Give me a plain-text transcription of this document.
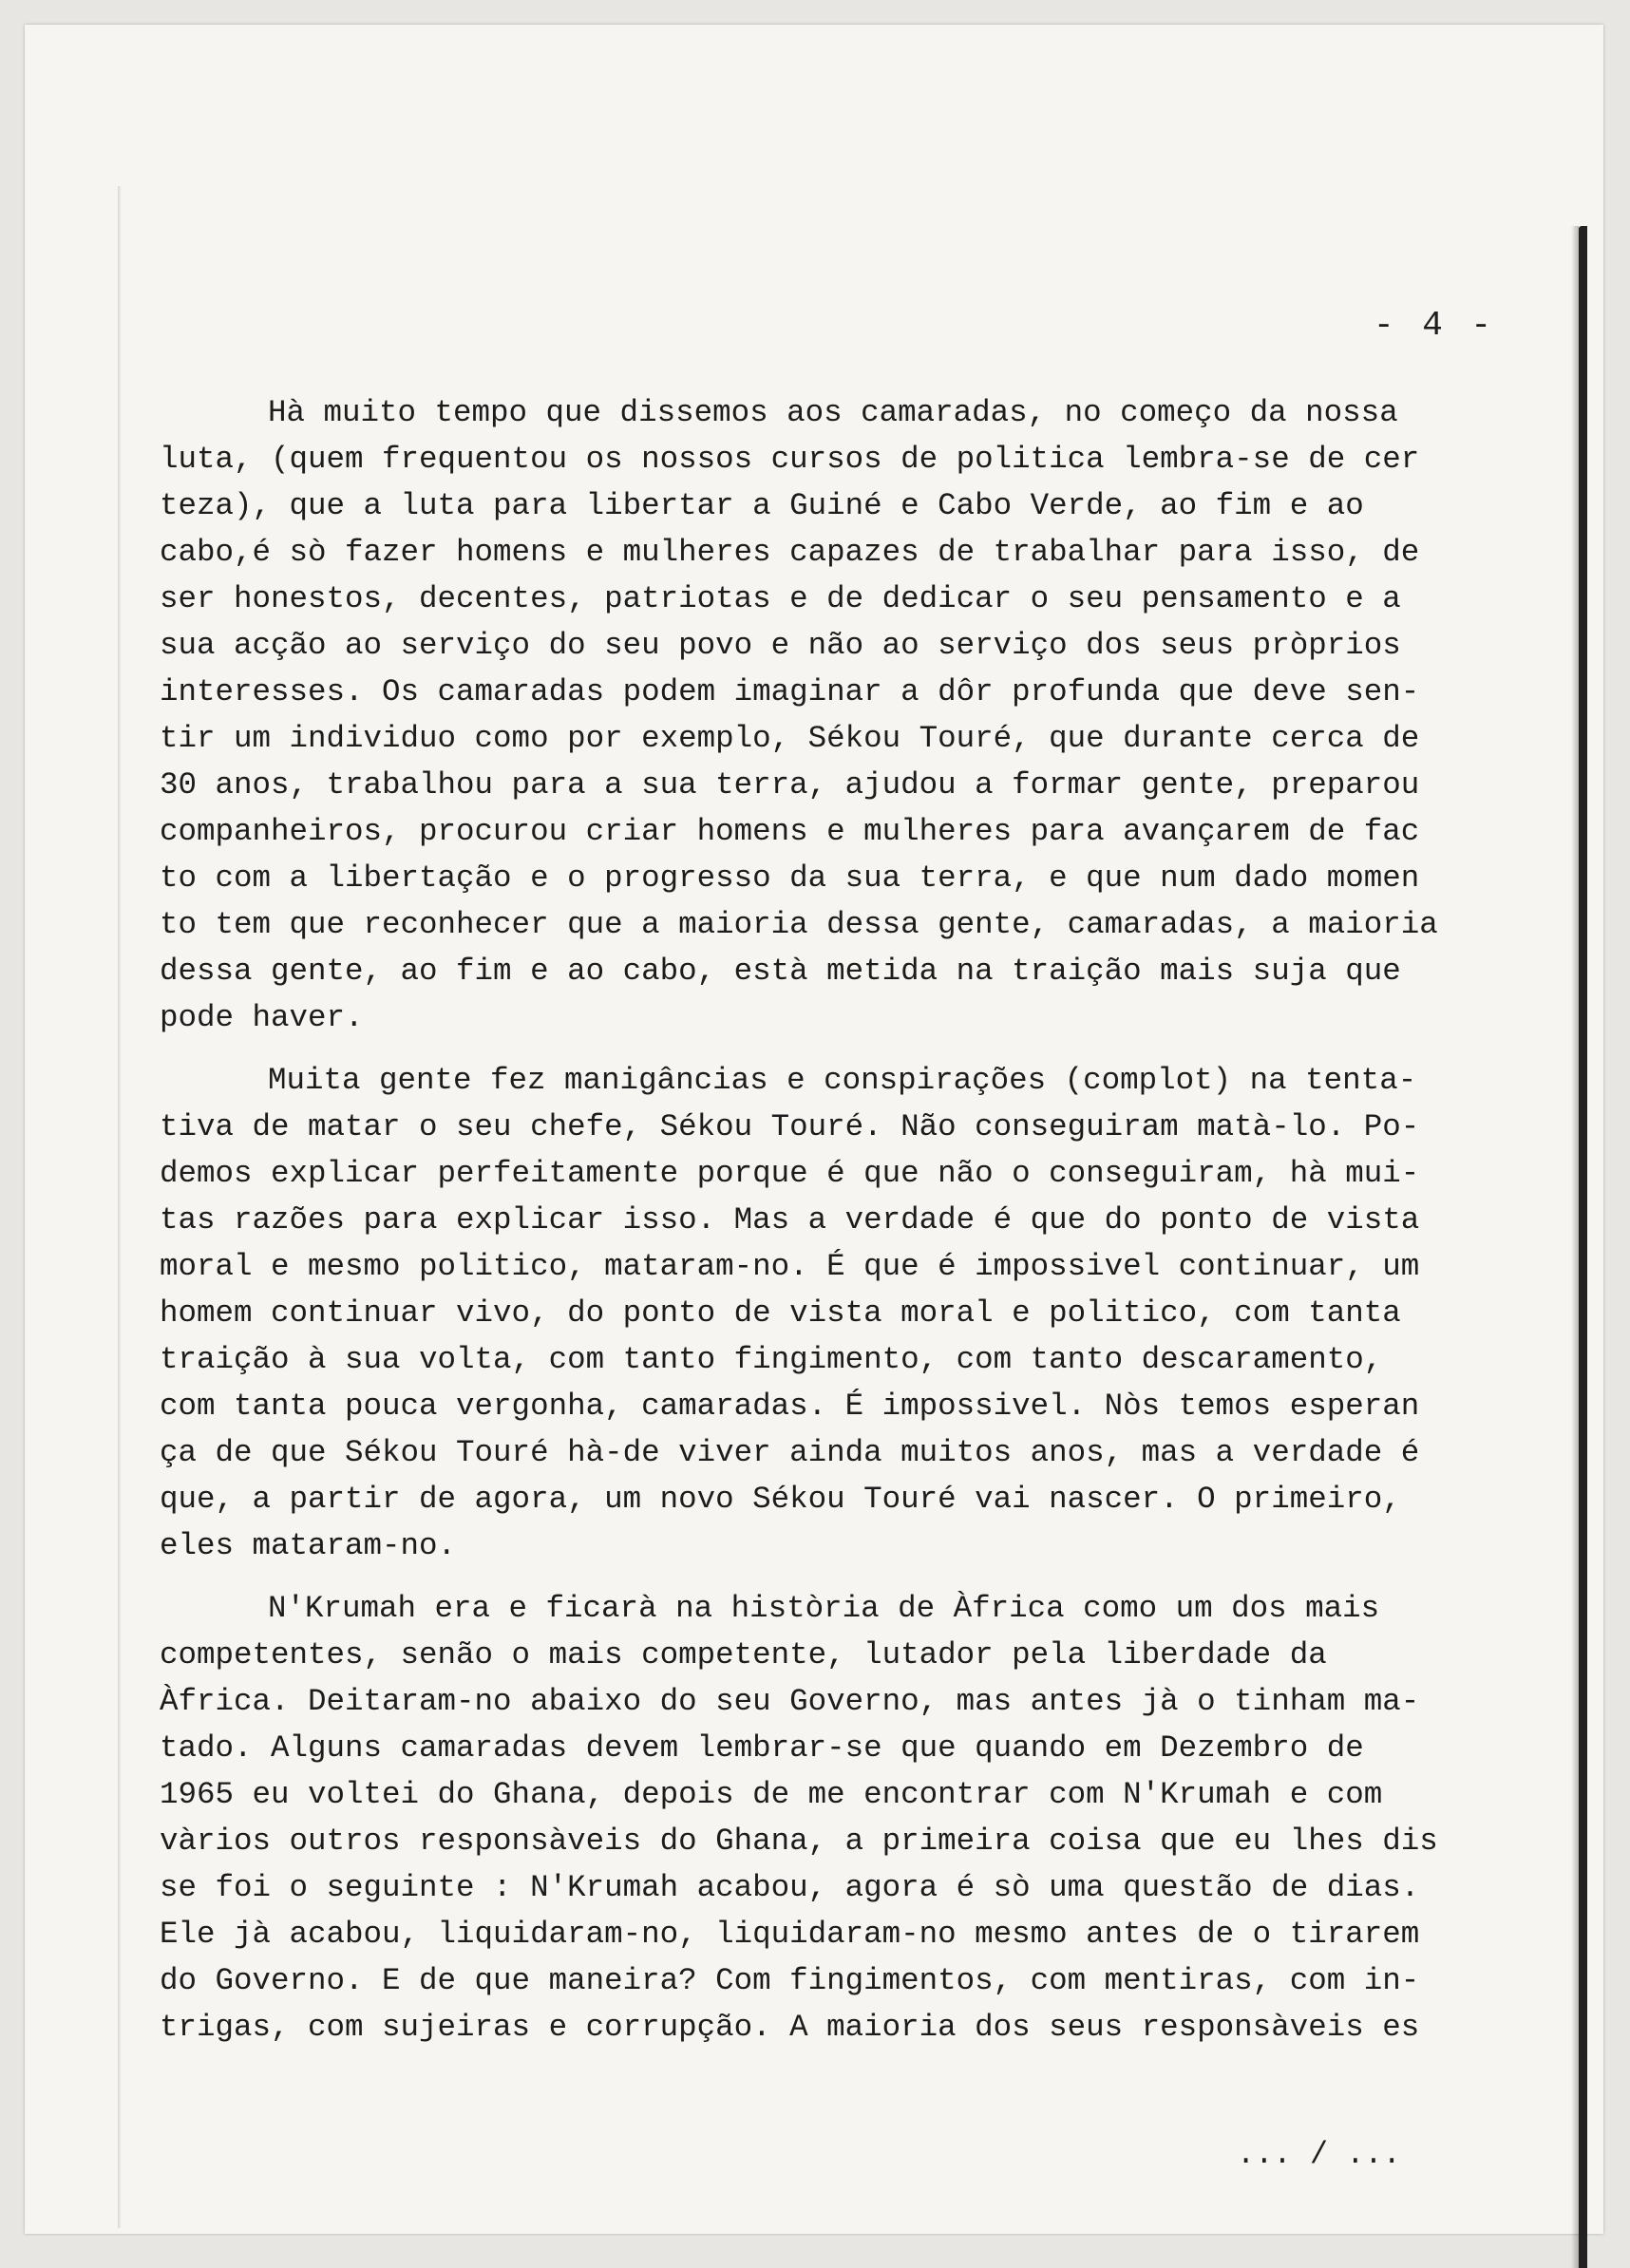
- 4 -
Hà muito tempo que dissemos aos camaradas, no começo da nossa
luta, (quem frequentou os nossos cursos de politica lembra-se de cer
teza), que a luta para libertar a Guiné e Cabo Verde, ao fim e ao
cabo,é sò fazer homens e mulheres capazes de trabalhar para isso, de
ser honestos, decentes, patriotas e de dedicar o seu pensamento e a
sua acção ao serviço do seu povo e não ao serviço dos seus pròprios
interesses. Os camaradas podem imaginar a dôr profunda que deve sen-
tir um individuo como por exemplo, Sékou Touré, que durante cerca de
30 anos, trabalhou para a sua terra, ajudou a formar gente, preparou
companheiros, procurou criar homens e mulheres para avançarem de fac
to com a libertação e o progresso da sua terra, e que num dado momen
to tem que reconhecer que a maioria dessa gente, camaradas, a maioria
dessa gente, ao fim e ao cabo, està metida na traição mais suja que
pode haver.
Muita gente fez manigâncias e conspirações (complot) na tenta-
tiva de matar o seu chefe, Sékou Touré. Não conseguiram matà-lo. Po-
demos explicar perfeitamente porque é que não o conseguiram, hà mui-
tas razões para explicar isso. Mas a verdade é que do ponto de vista
moral e mesmo politico, mataram-no. É que é impossivel continuar, um
homem continuar vivo, do ponto de vista moral e politico, com tanta
traição à sua volta, com tanto fingimento, com tanto descaramento,
com tanta pouca vergonha, camaradas. É impossivel. Nòs temos esperan
ça de que Sékou Touré hà-de viver ainda muitos anos, mas a verdade é
que, a partir de agora, um novo Sékou Touré vai nascer. O primeiro,
eles mataram-no.
N'Krumah era e ficarà na història de Àfrica como um dos mais
competentes, senão o mais competente, lutador pela liberdade da
Àfrica. Deitaram-no abaixo do seu Governo, mas antes jà o tinham ma-
tado. Alguns camaradas devem lembrar-se que quando em Dezembro de
1965 eu voltei do Ghana, depois de me encontrar com N'Krumah e com
vàrios outros responsàveis do Ghana, a primeira coisa que eu lhes dis
se foi o seguinte : N'Krumah acabou, agora é sò uma questão de dias.
Ele jà acabou, liquidaram-no, liquidaram-no mesmo antes de o tirarem
do Governo. E de que maneira? Com fingimentos, com mentiras, com in-
trigas, com sujeiras e corrupção. A maioria dos seus responsàveis es
... / ...
